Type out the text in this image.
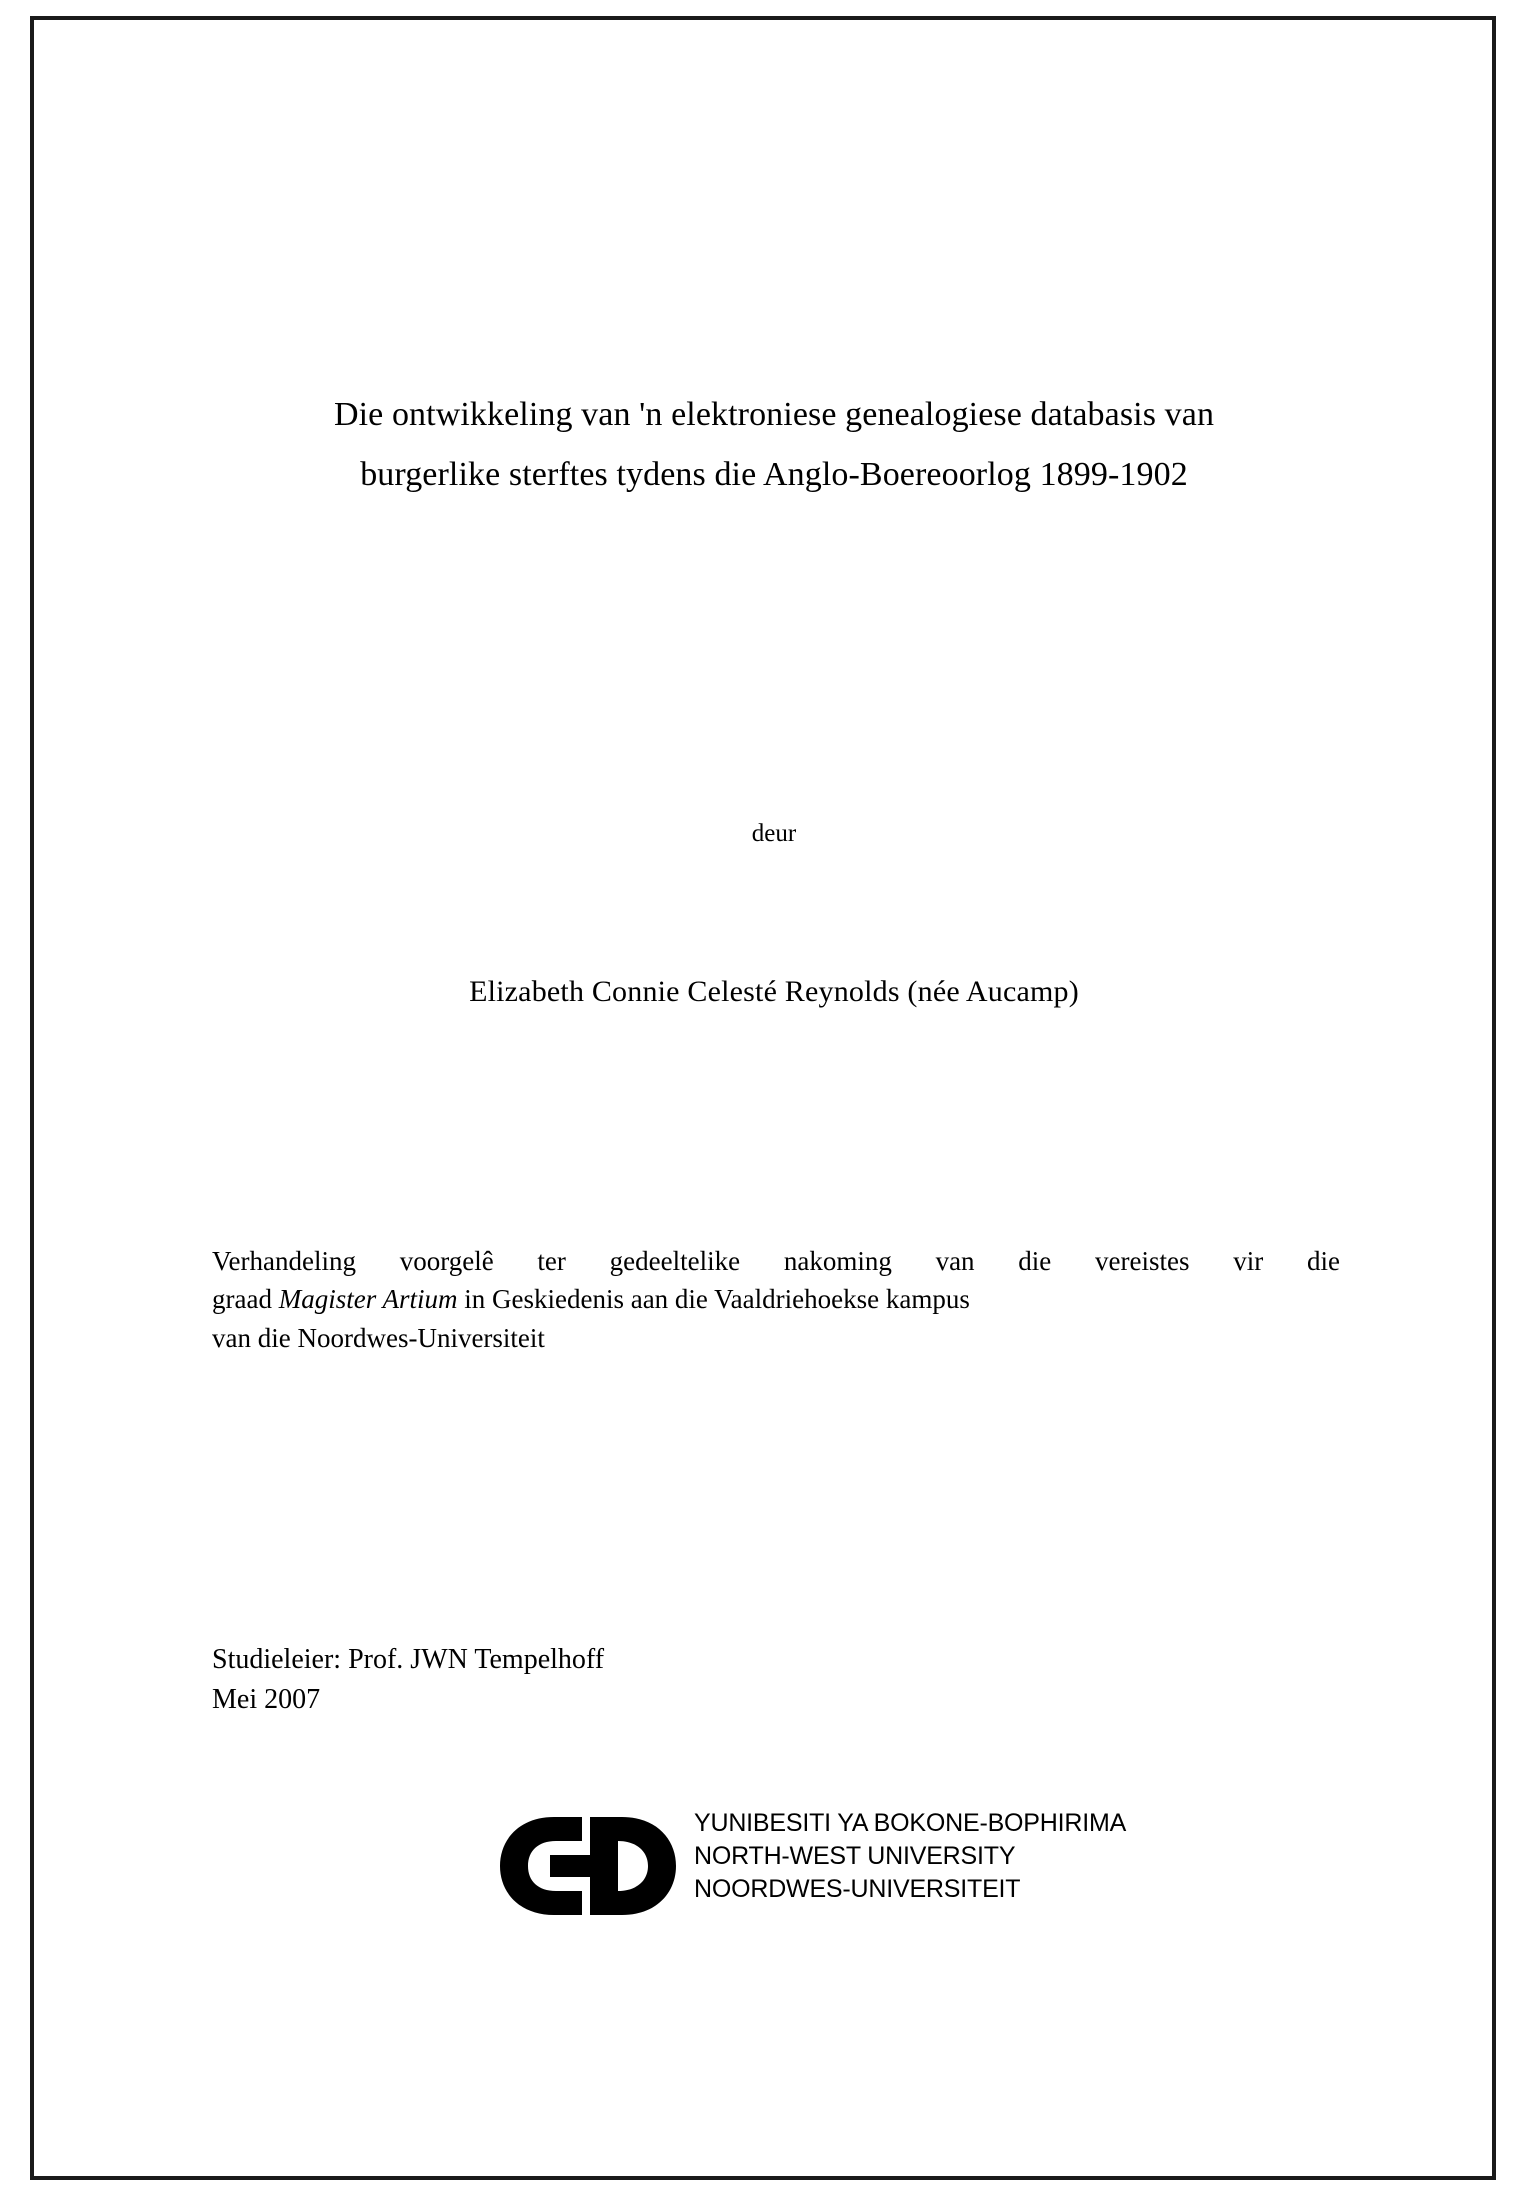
Die ontwikkeling van 'n elektroniese genealogiese databasis van
burgerlike sterftes tydens die Anglo-Boereoorlog 1899-1902
deur
Elizabeth Connie Celesté Reynolds (née Aucamp)
Verhandeling voorgelê ter gedeeltelike nakoming van die vereistes vir die
graad Magister Artium in Geskiedenis aan die Vaaldriehoekse kampus
van die Noordwes-Universiteit
Studieleier: Prof. JWN Tempelhoff
Mei 2007
YUNIBESITI YA BOKONE-BOPHIRIMA
NORTH-WEST UNIVERSITY
NOORDWES-UNIVERSITEIT
